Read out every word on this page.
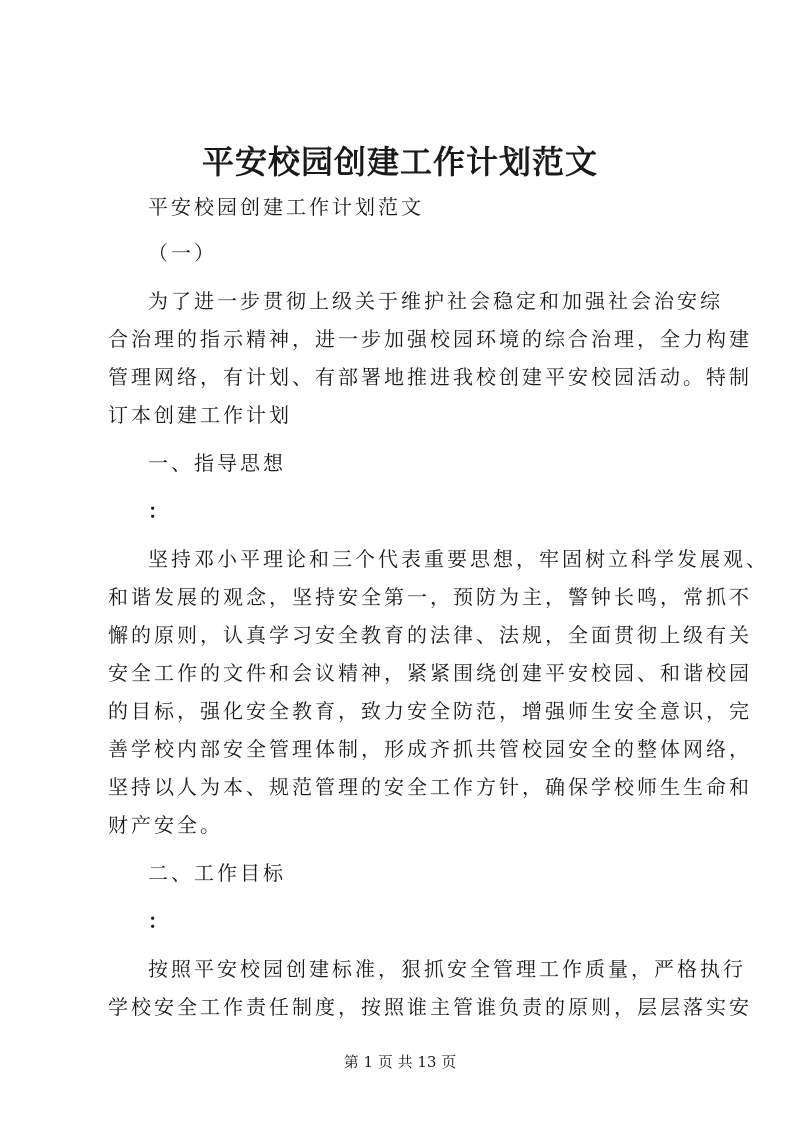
平安校园创建工作计划范文

平安校园创建工作计划范文

（一）

为了进一步贯彻上级关于维护社会稳定和加强社会治安综

合治理的指示精神，进一步加强校园环境的综合治理，全力构建

管理网络，有计划、有部署地推进我校创建平安校园活动。特制

订本创建工作计划

一、指导思想

：

坚持邓小平理论和三个代表重要思想，牢固树立科学发展观、

和谐发展的观念，坚持安全第一，预防为主，警钟长鸣，常抓不

懈的原则，认真学习安全教育的法律、法规，全面贯彻上级有关

安全工作的文件和会议精神，紧紧围绕创建平安校园、和谐校园

的目标，强化安全教育，致力安全防范，增强师生安全意识，完

善学校内部安全管理体制，形成齐抓共管校园安全的整体网络，

坚持以人为本、规范管理的安全工作方针，确保学校师生生命和

财产安全。

二、工作目标

：

按照平安校园创建标准，狠抓安全管理工作质量，严格执行

学校安全工作责任制度，按照谁主管谁负责的原则，层层落实安

第 1 页 共 13 页
